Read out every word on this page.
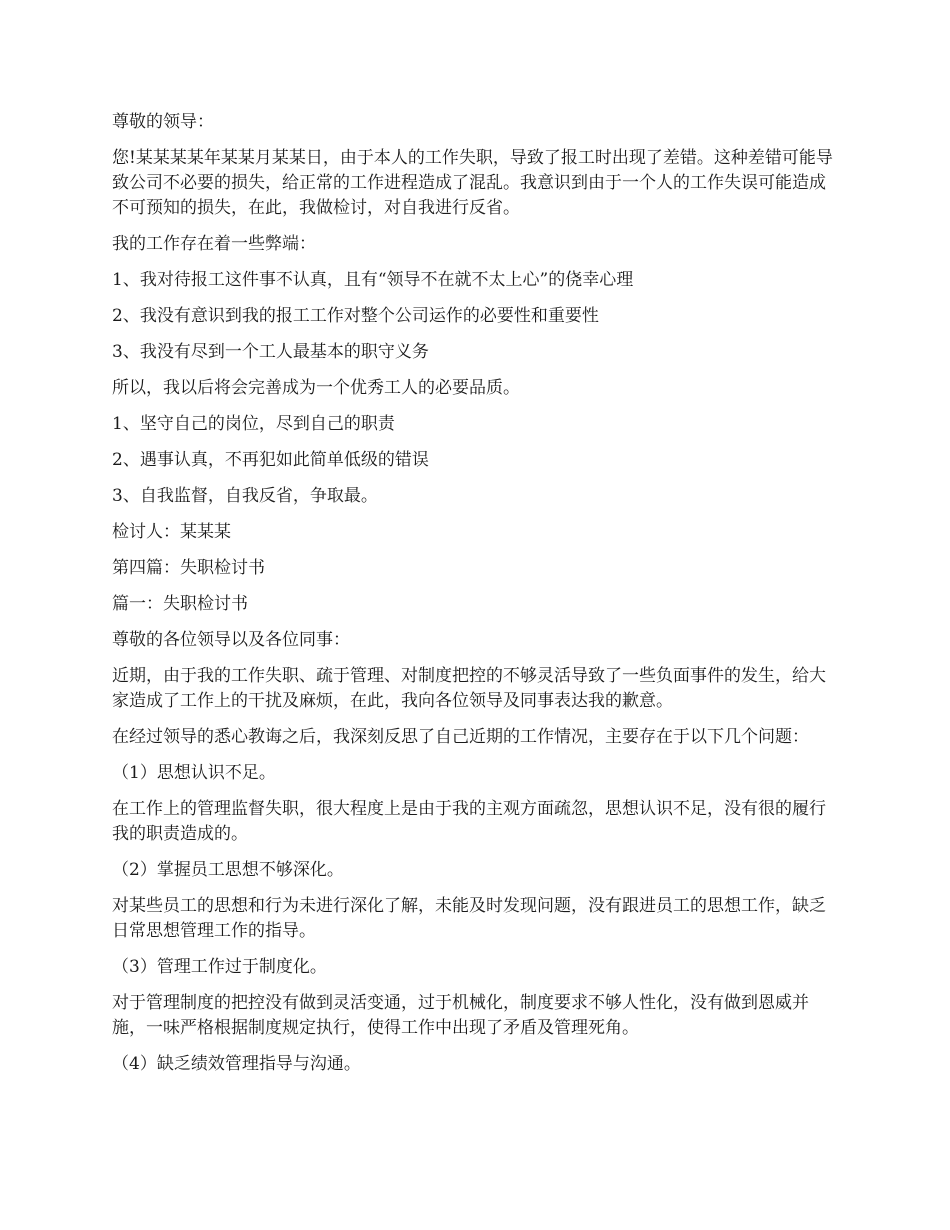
尊敬的领导：

您!某某某某年某某月某某日，由于本人的工作失职，导致了报工时出现了差错。这种差错可能导致公司不必要的损失，给正常的工作进程造成了混乱。我意识到由于一个人的工作失误可能造成不可预知的损失，在此，我做检讨，对自我进行反省。

我的工作存在着一些弊端：

1、我对待报工这件事不认真，且有“领导不在就不太上心”的侥幸心理

2、我没有意识到我的报工工作对整个公司运作的必要性和重要性

3、我没有尽到一个工人最基本的职守义务

所以，我以后将会完善成为一个优秀工人的必要品质。

1、坚守自己的岗位，尽到自己的职责

2、遇事认真，不再犯如此简单低级的错误

3、自我监督，自我反省，争取最。

检讨人：某某某

第四篇：失职检讨书

篇一：失职检讨书

尊敬的各位领导以及各位同事：

近期，由于我的工作失职、疏于管理、对制度把控的不够灵活导致了一些负面事件的发生，给大家造成了工作上的干扰及麻烦，在此，我向各位领导及同事表达我的歉意。

在经过领导的悉心教诲之后，我深刻反思了自己近期的工作情况，主要存在于以下几个问题：

（1）思想认识不足。

在工作上的管理监督失职，很大程度上是由于我的主观方面疏忽，思想认识不足，没有很的履行我的职责造成的。

（2）掌握员工思想不够深化。

对某些员工的思想和行为未进行深化了解，未能及时发现问题，没有跟进员工的思想工作，缺乏日常思想管理工作的指导。

（3）管理工作过于制度化。

对于管理制度的把控没有做到灵活变通，过于机械化，制度要求不够人性化，没有做到恩威并施，一味严格根据制度规定执行，使得工作中出现了矛盾及管理死角。

（4）缺乏绩效管理指导与沟通。
